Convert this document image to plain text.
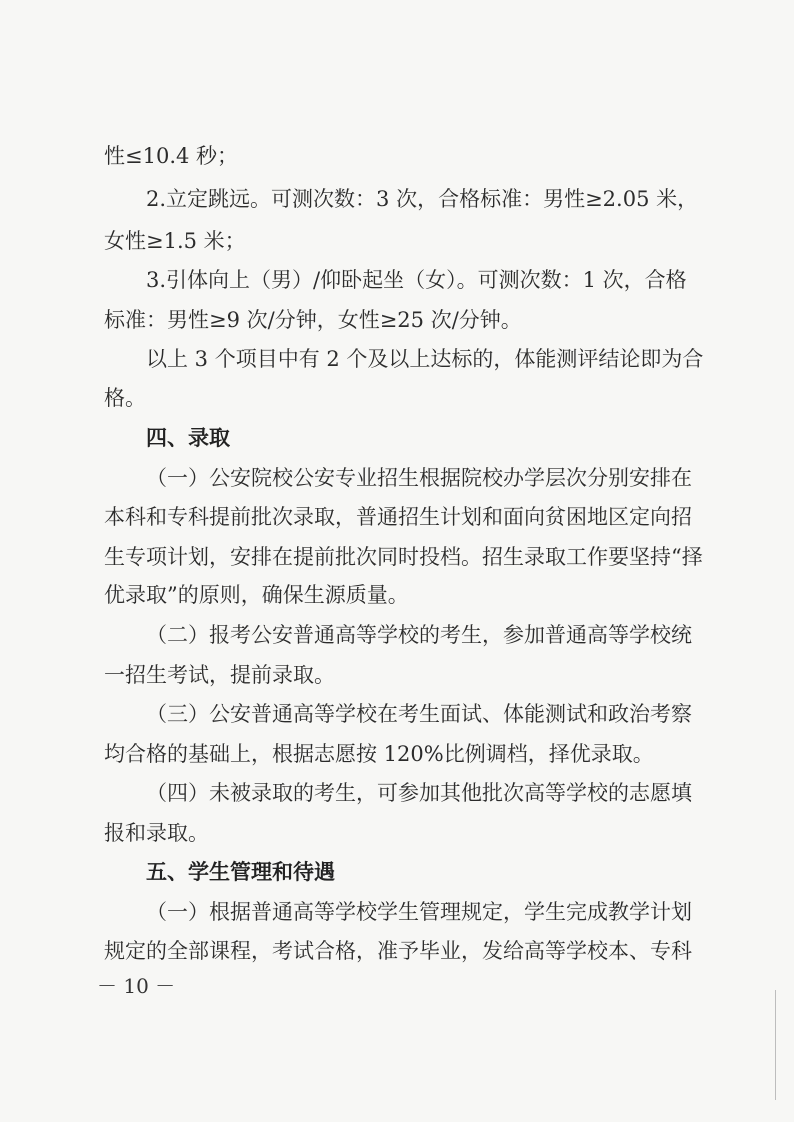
性≤10.4 秒；
2.立定跳远。可测次数：3 次，合格标准：男性≥2.05 米，
女性≥1.5 米；
3.引体向上（男）/仰卧起坐（女）。可测次数：1 次，合格
标准：男性≥9 次/分钟，女性≥25 次/分钟。
以上 3 个项目中有 2 个及以上达标的，体能测评结论即为合
格。
四、录取
（一）公安院校公安专业招生根据院校办学层次分别安排在
本科和专科提前批次录取，普通招生计划和面向贫困地区定向招
生专项计划，安排在提前批次同时投档。招生录取工作要坚持“择
优录取”的原则，确保生源质量。
（二）报考公安普通高等学校的考生，参加普通高等学校统
一招生考试，提前录取。
（三）公安普通高等学校在考生面试、体能测试和政治考察
均合格的基础上，根据志愿按 120%比例调档，择优录取。
（四）未被录取的考生，可参加其他批次高等学校的志愿填
报和录取。
五、学生管理和待遇
（一）根据普通高等学校学生管理规定，学生完成教学计划
规定的全部课程，考试合格，准予毕业，发给高等学校本、专科
－ 10 －
